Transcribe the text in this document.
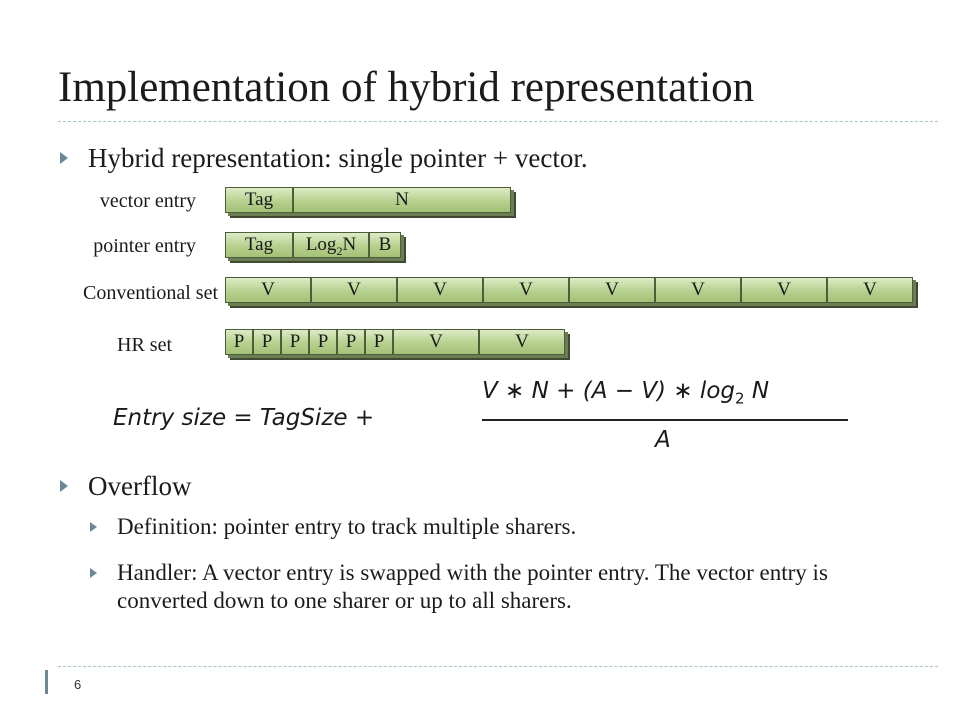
Implementation of hybrid representation
Hybrid representation: single pointer + vector.
vector entry	Tag	N
pointer entry	Tag	Log$_2$N	B
Conventional set	V	V	V	V	V	V	V	V
HR set	P P P P P P	V	V
Entry size = TagSize +
V ∗ N + (A − V) ∗ $\log_2 N$
A
Overflow
Definition: pointer entry to track multiple sharers.
Handler: A vector entry is swapped with the pointer entry. The vector entry is converted down to one sharer or up to all sharers.
6
